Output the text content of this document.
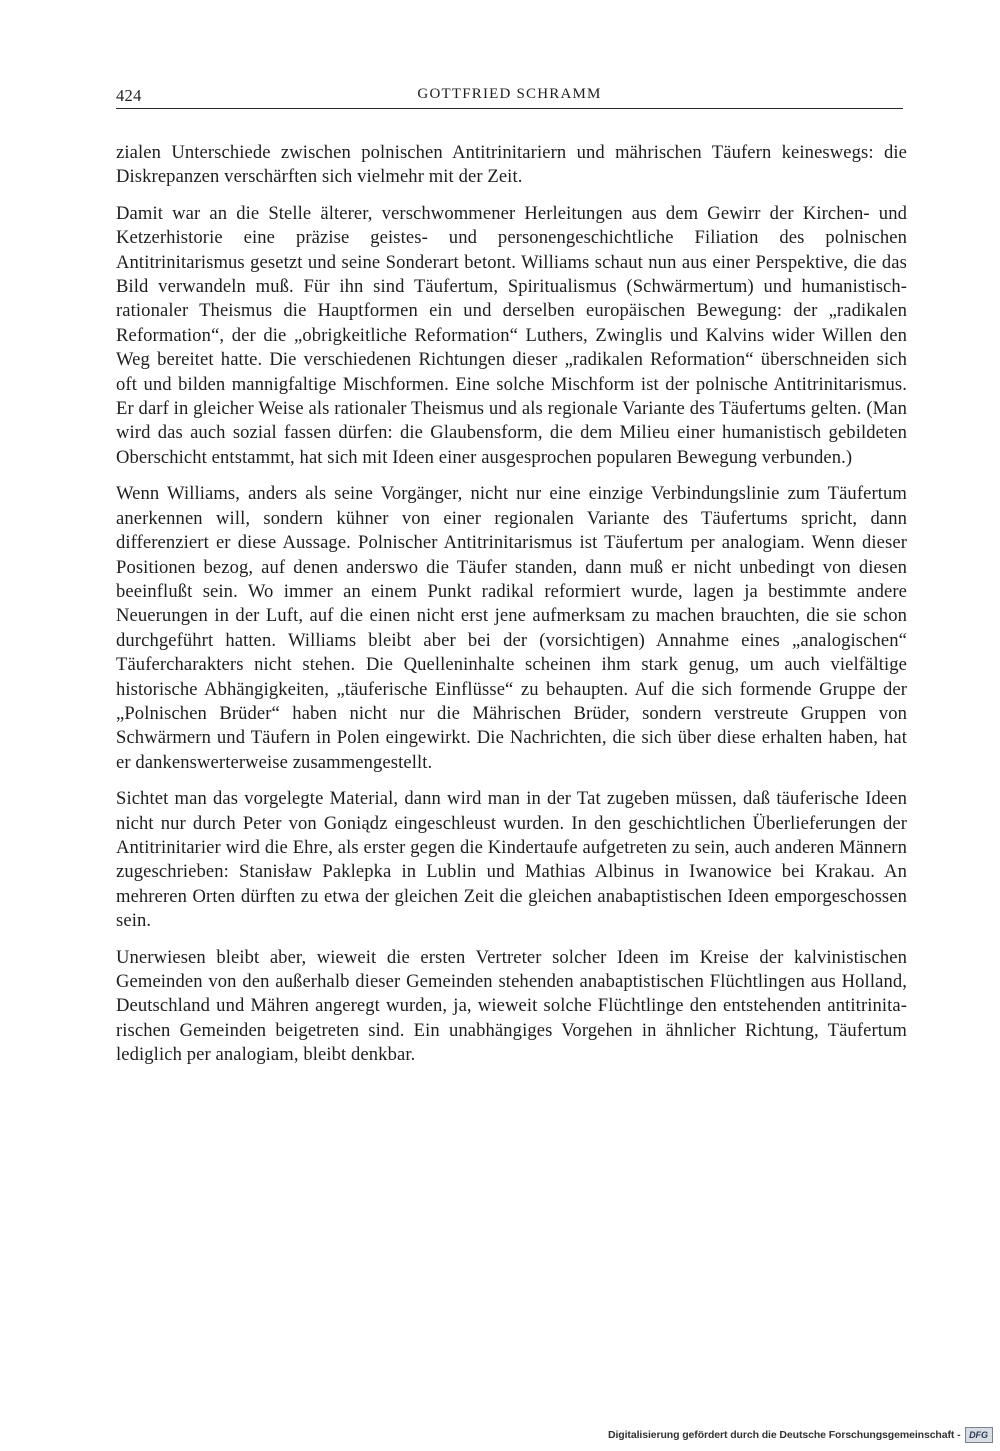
424	GOTTFRIED SCHRAMM

zialen Unterschiede zwischen polnischen Antitrinitariern und mährischen Täufern keineswegs: die Diskrepanzen verschärften sich vielmehr mit der Zeit.

Damit war an die Stelle älterer, verschwommener Herleitungen aus dem Gewirr der Kirchen- und Ketzerhistorie eine präzise geistes- und personengeschichtliche Filiation des polnischen Antitrinitarismus gesetzt und seine Sonderart betont. Williams schaut nun aus einer Perspektive, die das Bild verwandeln muß. Für ihn sind Täufertum, Spiritualismus (Schwärmertum) und humanistischrationaler Theismus die Hauptformen ein und derselben europäischen Bewegung: der „radikalen Reformation“, der die „obrigkeitliche Reformation“ Luthers, Zwinglis und Kalvins wider Willen den Weg bereitet hatte. Die verschiedenen Richtungen dieser „radikalen Reformation“ überschneiden sich oft und bilden mannigfaltige Mischformen. Eine solche Mischform ist der polnische Antitrinitarismus. Er darf in gleicher Weise als rationaler Theismus und als regionale Variante des Täufertums gelten. (Man wird das auch sozial fassen dürfen: die Glaubensform, die dem Milieu einer humanistisch gebildeten Oberschicht entstammt, hat sich mit Ideen einer ausgesprochen popularen Bewegung verbunden.)

Wenn Williams, anders als seine Vorgänger, nicht nur eine einzige Verbindungslinie zum Täufertum anerkennen will, sondern kühner von einer regionalen Variante des Täufertums spricht, dann differenziert er diese Aussage. Polnischer Antitrinitarismus ist Täufertum per analogiam. Wenn dieser Positionen bezog, auf denen anderswo die Täufer standen, dann muß er nicht unbedingt von diesen beeinflußt sein. Wo immer an einem Punkt radikal reformiert wurde, lagen ja bestimmte andere Neuerungen in der Luft, auf die einen nicht erst jene aufmerksam zu machen brauchten, die sie schon durchgeführt hatten. Williams bleibt aber bei der (vorsichtigen) Annahme eines „analogischen“ Täufercharakters nicht stehen. Die Quelleninhalte scheinen ihm stark genug, um auch vielfältige historische Abhängigkeiten, „täuferische Einflüsse“ zu behaupten. Auf die sich formende Gruppe der „Polnischen Brüder“ haben nicht nur die Mährischen Brüder, sondern verstreute Gruppen von Schwärmern und Täufern in Polen eingewirkt. Die Nachrichten, die sich über diese erhalten haben, hat er dankenswerterweise zusammengestellt.

Sichtet man das vorgelegte Material, dann wird man in der Tat zugeben müssen, daß täuferische Ideen nicht nur durch Peter von Goniądz eingeschleust wurden. In den geschichtlichen Überlieferungen der Antitrinitarier wird die Ehre, als erster gegen die Kindertaufe aufgetreten zu sein, auch anderen Männern zugeschrieben: Stanisław Paklepka in Lublin und Mathias Albinus in Iwanowice bei Krakau. An mehreren Orten dürften zu etwa der gleichen Zeit die gleichen anabaptistischen Ideen emporgeschossen sein.

Unerwiesen bleibt aber, wieweit die ersten Vertreter solcher Ideen im Kreise der kalvinistischen Gemeinden von den außerhalb dieser Gemeinden stehenden anabaptistischen Flüchtlingen aus Holland, Deutschland und Mähren angeregt wurden, ja, wieweit solche Flüchtlinge den entstehenden antitrinitarischen Gemeinden beigetreten sind. Ein unabhängiges Vorgehen in ähnlicher Richtung, Täufertum lediglich per analogiam, bleibt denkbar.

Digitalisierung gefördert durch die Deutsche Forschungsgemeinschaft - DFG
